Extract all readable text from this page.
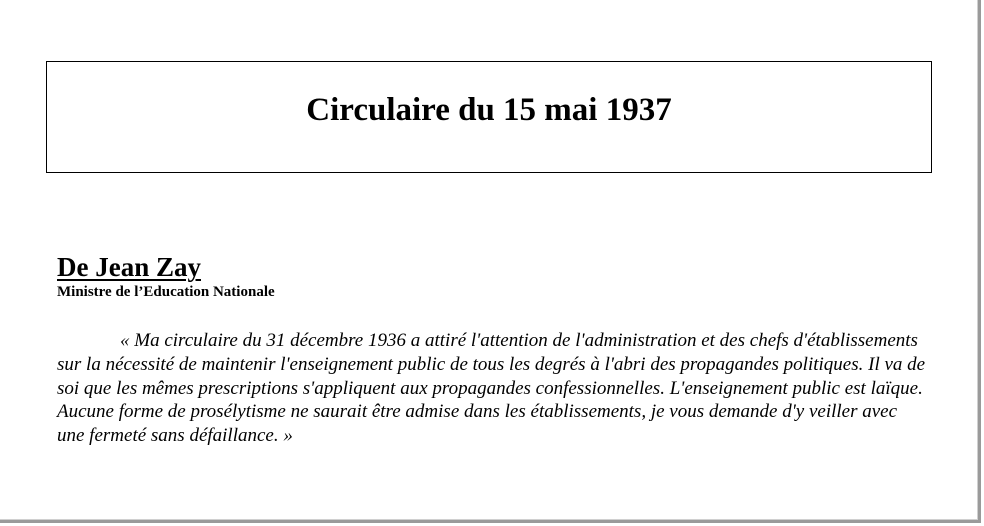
Circulaire du 15 mai 1937
De Jean Zay
Ministre de l’Education Nationale

« Ma circulaire du 31 décembre 1936 a attiré l'attention de l'administration et des chefs d'établissements sur la nécessité de maintenir l'enseignement public de tous les degrés à l'abri des propagandes politiques. Il va de soi que les mêmes prescriptions s'appliquent aux propagandes confessionnelles. L'enseignement public est laïque. Aucune forme de prosélytisme ne saurait être admise dans les établissements, je vous demande d'y veiller avec une fermeté sans défaillance. »
